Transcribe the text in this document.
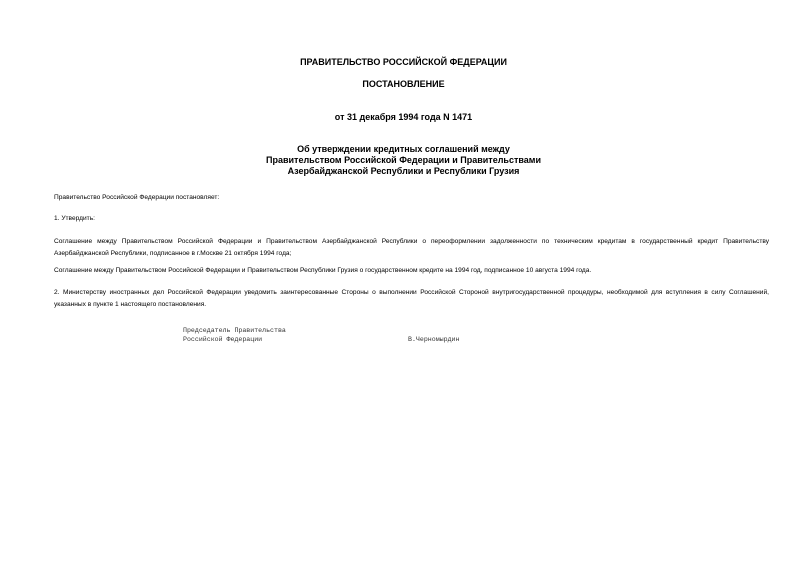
ПРАВИТЕЛЬСТВО РОССИЙСКОЙ ФЕДЕРАЦИИ

ПОСТАНОВЛЕНИЕ

от 31 декабря 1994 года N 1471

Об утверждении кредитных соглашений между
Правительством Российской Федерации и Правительствами
Азербайджанской Республики и Республики Грузия

Правительство Российской Федерации постановляет:

1. Утвердить:

Соглашение между Правительством Российской Федерации и Правительством Азербайджанской Республики о переоформлении задолженности по техническим кредитам в государственный кредит Правительству Азербайджанской Республики, подписанное в г.Москве 21 октября 1994 года;

Соглашение между Правительством Российской Федерации и Правительством Республики Грузия о государственном кредите на 1994 год, подписанное 10 августа 1994 года.

2. Министерству иностранных дел Российской Федерации уведомить заинтересованные Стороны о выполнении Российской Стороной внутригосударственной процедуры, необходимой для вступления в силу Соглашений, указанных в пункте 1 настоящего постановления.

Председатель Правительства

Российской Федерации	В.Черномырдин
